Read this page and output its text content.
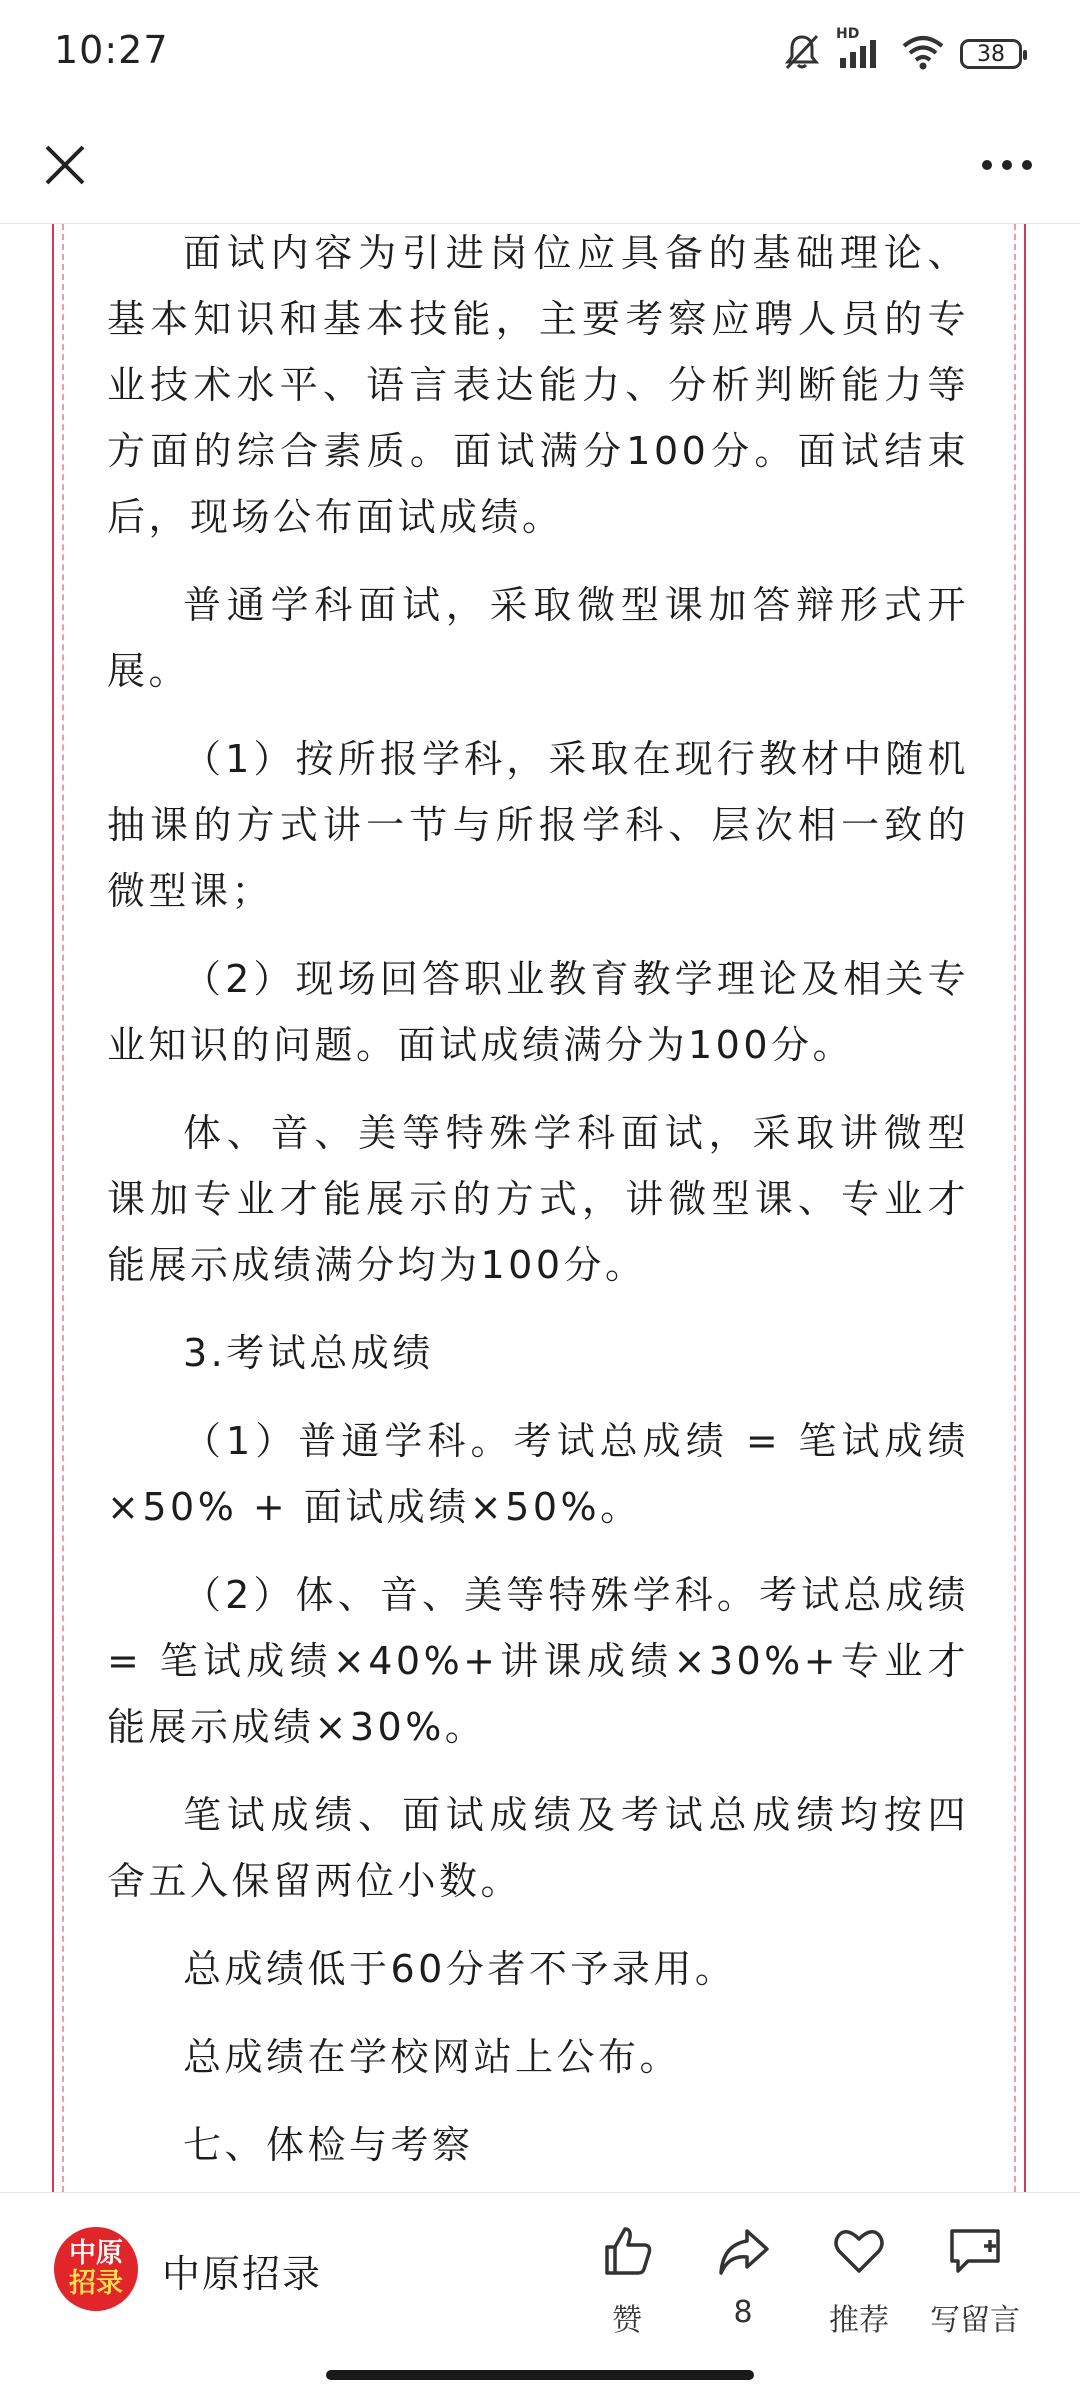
10:27	HD
38

面试内容为引进岗位应具备的基础理论、基本知识和基本技能，主要考察应聘人员的专业技术水平、语言表达能力、分析判断能力等方面的综合素质。面试满分100分。面试结束后，现场公布面试成绩。

普通学科面试，采取微型课加答辩形式开展。

（1）按所报学科，采取在现行教材中随机抽课的方式讲一节与所报学科、层次相一致的微型课；

（2）现场回答职业教育教学理论及相关专业知识的问题。面试成绩满分为100分。

体、音、美等特殊学科面试，采取讲微型课加专业才能展示的方式，讲微型课、专业才能展示成绩满分均为100分。

3.考试总成绩

（1）普通学科。考试总成绩 = 笔试成绩×50% + 面试成绩×50%。

（2）体、音、美等特殊学科。考试总成绩 = 笔试成绩×40%+讲课成绩×30%+专业才能展示成绩×30%。

笔试成绩、面试成绩及考试总成绩均按四舍五入保留两位小数。

总成绩低于60分者不予录用。

总成绩在学校网站上公布。

七、体检与考察

中原
招录 中原招录
赞	8	推荐 写留言
